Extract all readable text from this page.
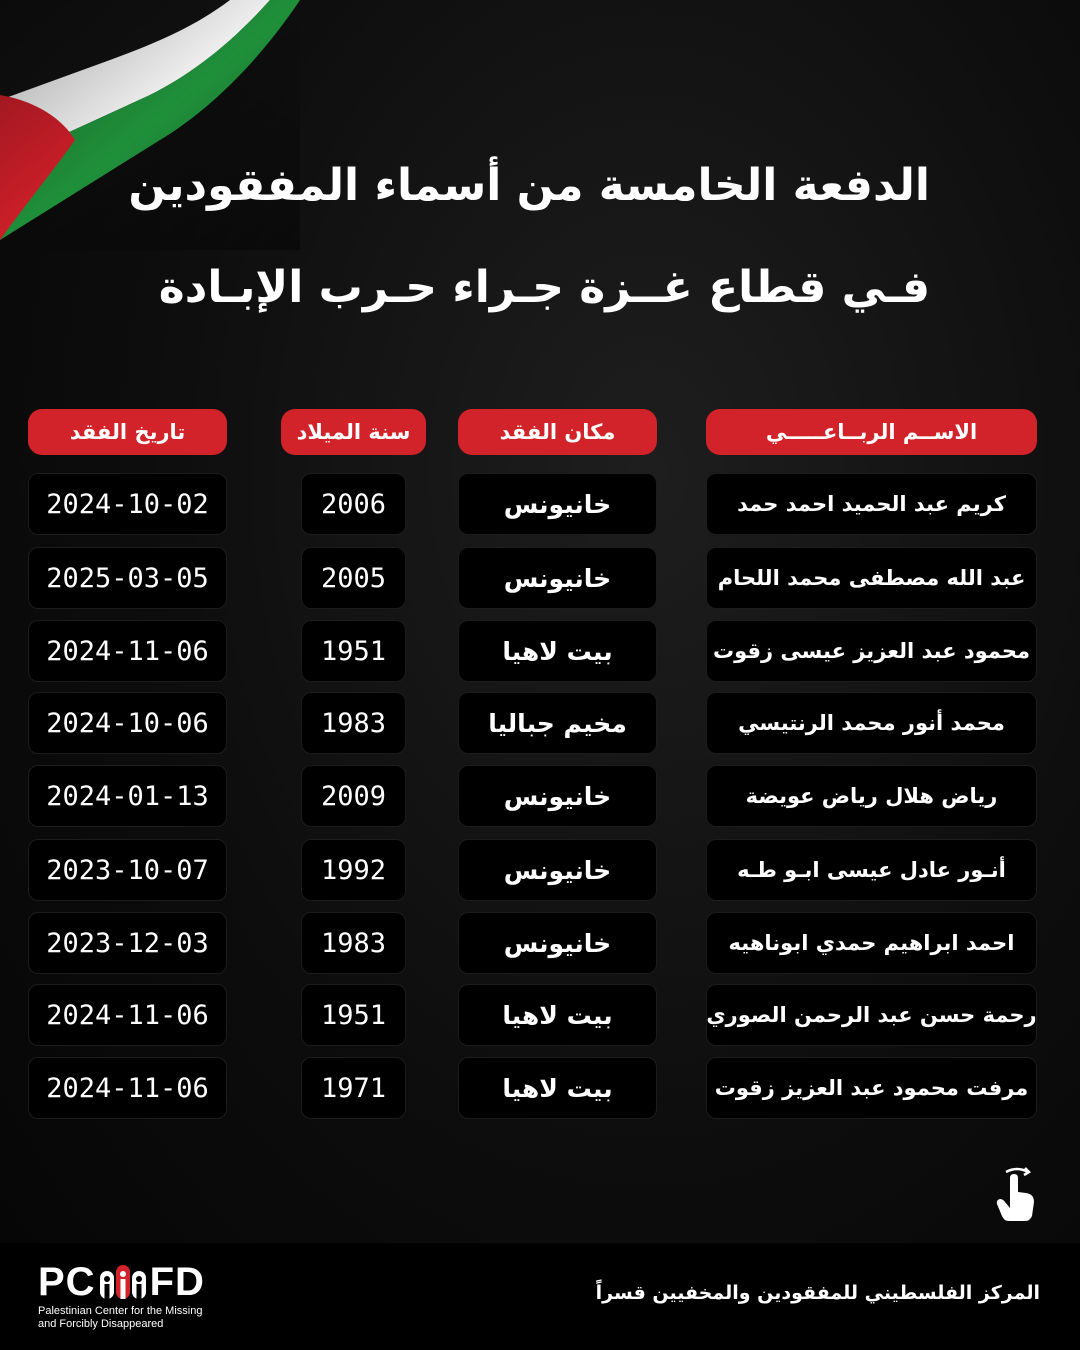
الدفعة الخامسة من أسماء المفقودين
فـي قطاع غــزة جـراء حـرب الإبـادة
الاســم الربــاعـــــي
مكان الفقد
سنة الميلاد
تاريخ الفقد
كريم عبد الحميد احمد حمد
خانيونس
2006
2024-10-02
عبد الله مصطفى محمد اللحام
خانيونس
2005
2025-03-05
محمود عبد العزيز عيسى زقوت
بيت لاهيا
1951
2024-11-06
محمد أنور محمد الرنتيسي
مخيم جباليا
1983
2024-10-06
رياض هلال رياض عويضة
خانيونس
2009
2024-01-13
أنـور عادل عيسى ابـو طـه
خانيونس
1992
2023-10-07
احمد ابراهيم حمدي ابوناهيه
خانيونس
1983
2023-12-03
رحمة حسن عبد الرحمن الصوري
بيت لاهيا
1951
2024-11-06
مرفت محمود عبد العزيز زقوت
بيت لاهيا
1971
2024-11-06
PC FD
Palestinian Center for the Missing
and Forcibly Disappeared
المركز الفلسطيني للمفقودين والمخفيين قسراً
